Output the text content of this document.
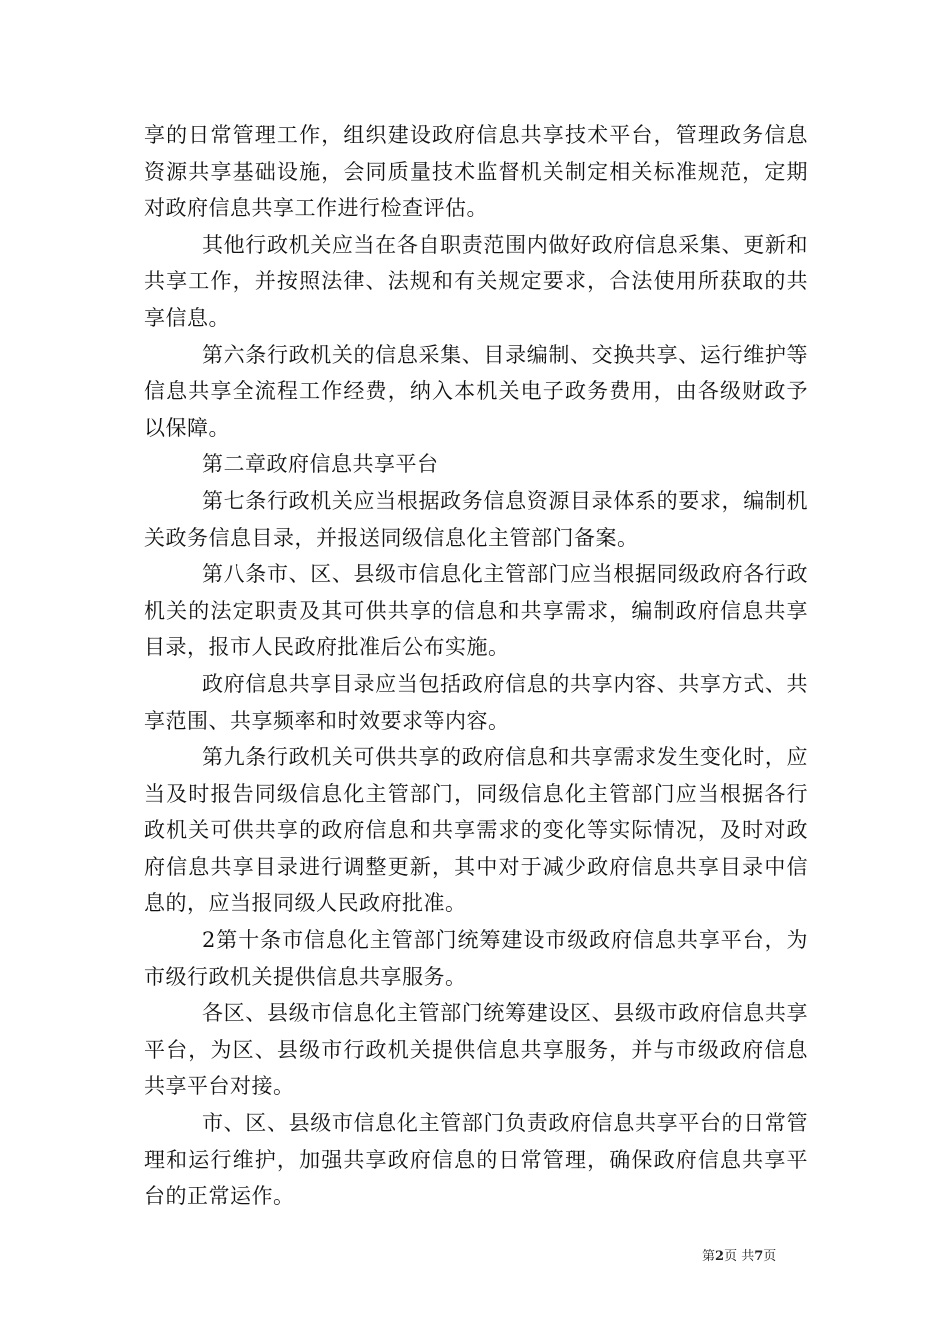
享的日常管理工作，组织建设政府信息共享技术平台，管理政务信息资源共享基础设施，会同质量技术监督机关制定相关标准规范，定期对政府信息共享工作进行检查评估。

其他行政机关应当在各自职责范围内做好政府信息采集、更新和共享工作，并按照法律、法规和有关规定要求，合法使用所获取的共享信息。

第六条行政机关的信息采集、目录编制、交换共享、运行维护等信息共享全流程工作经费，纳入本机关电子政务费用，由各级财政予以保障。

第二章政府信息共享平台

第七条行政机关应当根据政务信息资源目录体系的要求，编制机关政务信息目录，并报送同级信息化主管部门备案。

第八条市、区、县级市信息化主管部门应当根据同级政府各行政机关的法定职责及其可供共享的信息和共享需求，编制政府信息共享目录，报市人民政府批准后公布实施。

政府信息共享目录应当包括政府信息的共享内容、共享方式、共享范围、共享频率和时效要求等内容。

第九条行政机关可供共享的政府信息和共享需求发生变化时，应当及时报告同级信息化主管部门，同级信息化主管部门应当根据各行政机关可供共享的政府信息和共享需求的变化等实际情况，及时对政府信息共享目录进行调整更新，其中对于减少政府信息共享目录中信息的，应当报同级人民政府批准。

2第十条市信息化主管部门统筹建设市级政府信息共享平台，为市级行政机关提供信息共享服务。

各区、县级市信息化主管部门统筹建设区、县级市政府信息共享平台，为区、县级市行政机关提供信息共享服务，并与市级政府信息共享平台对接。

市、区、县级市信息化主管部门负责政府信息共享平台的日常管理和运行维护，加强共享政府信息的日常管理，确保政府信息共享平台的正常运作。

第2页 共7页
